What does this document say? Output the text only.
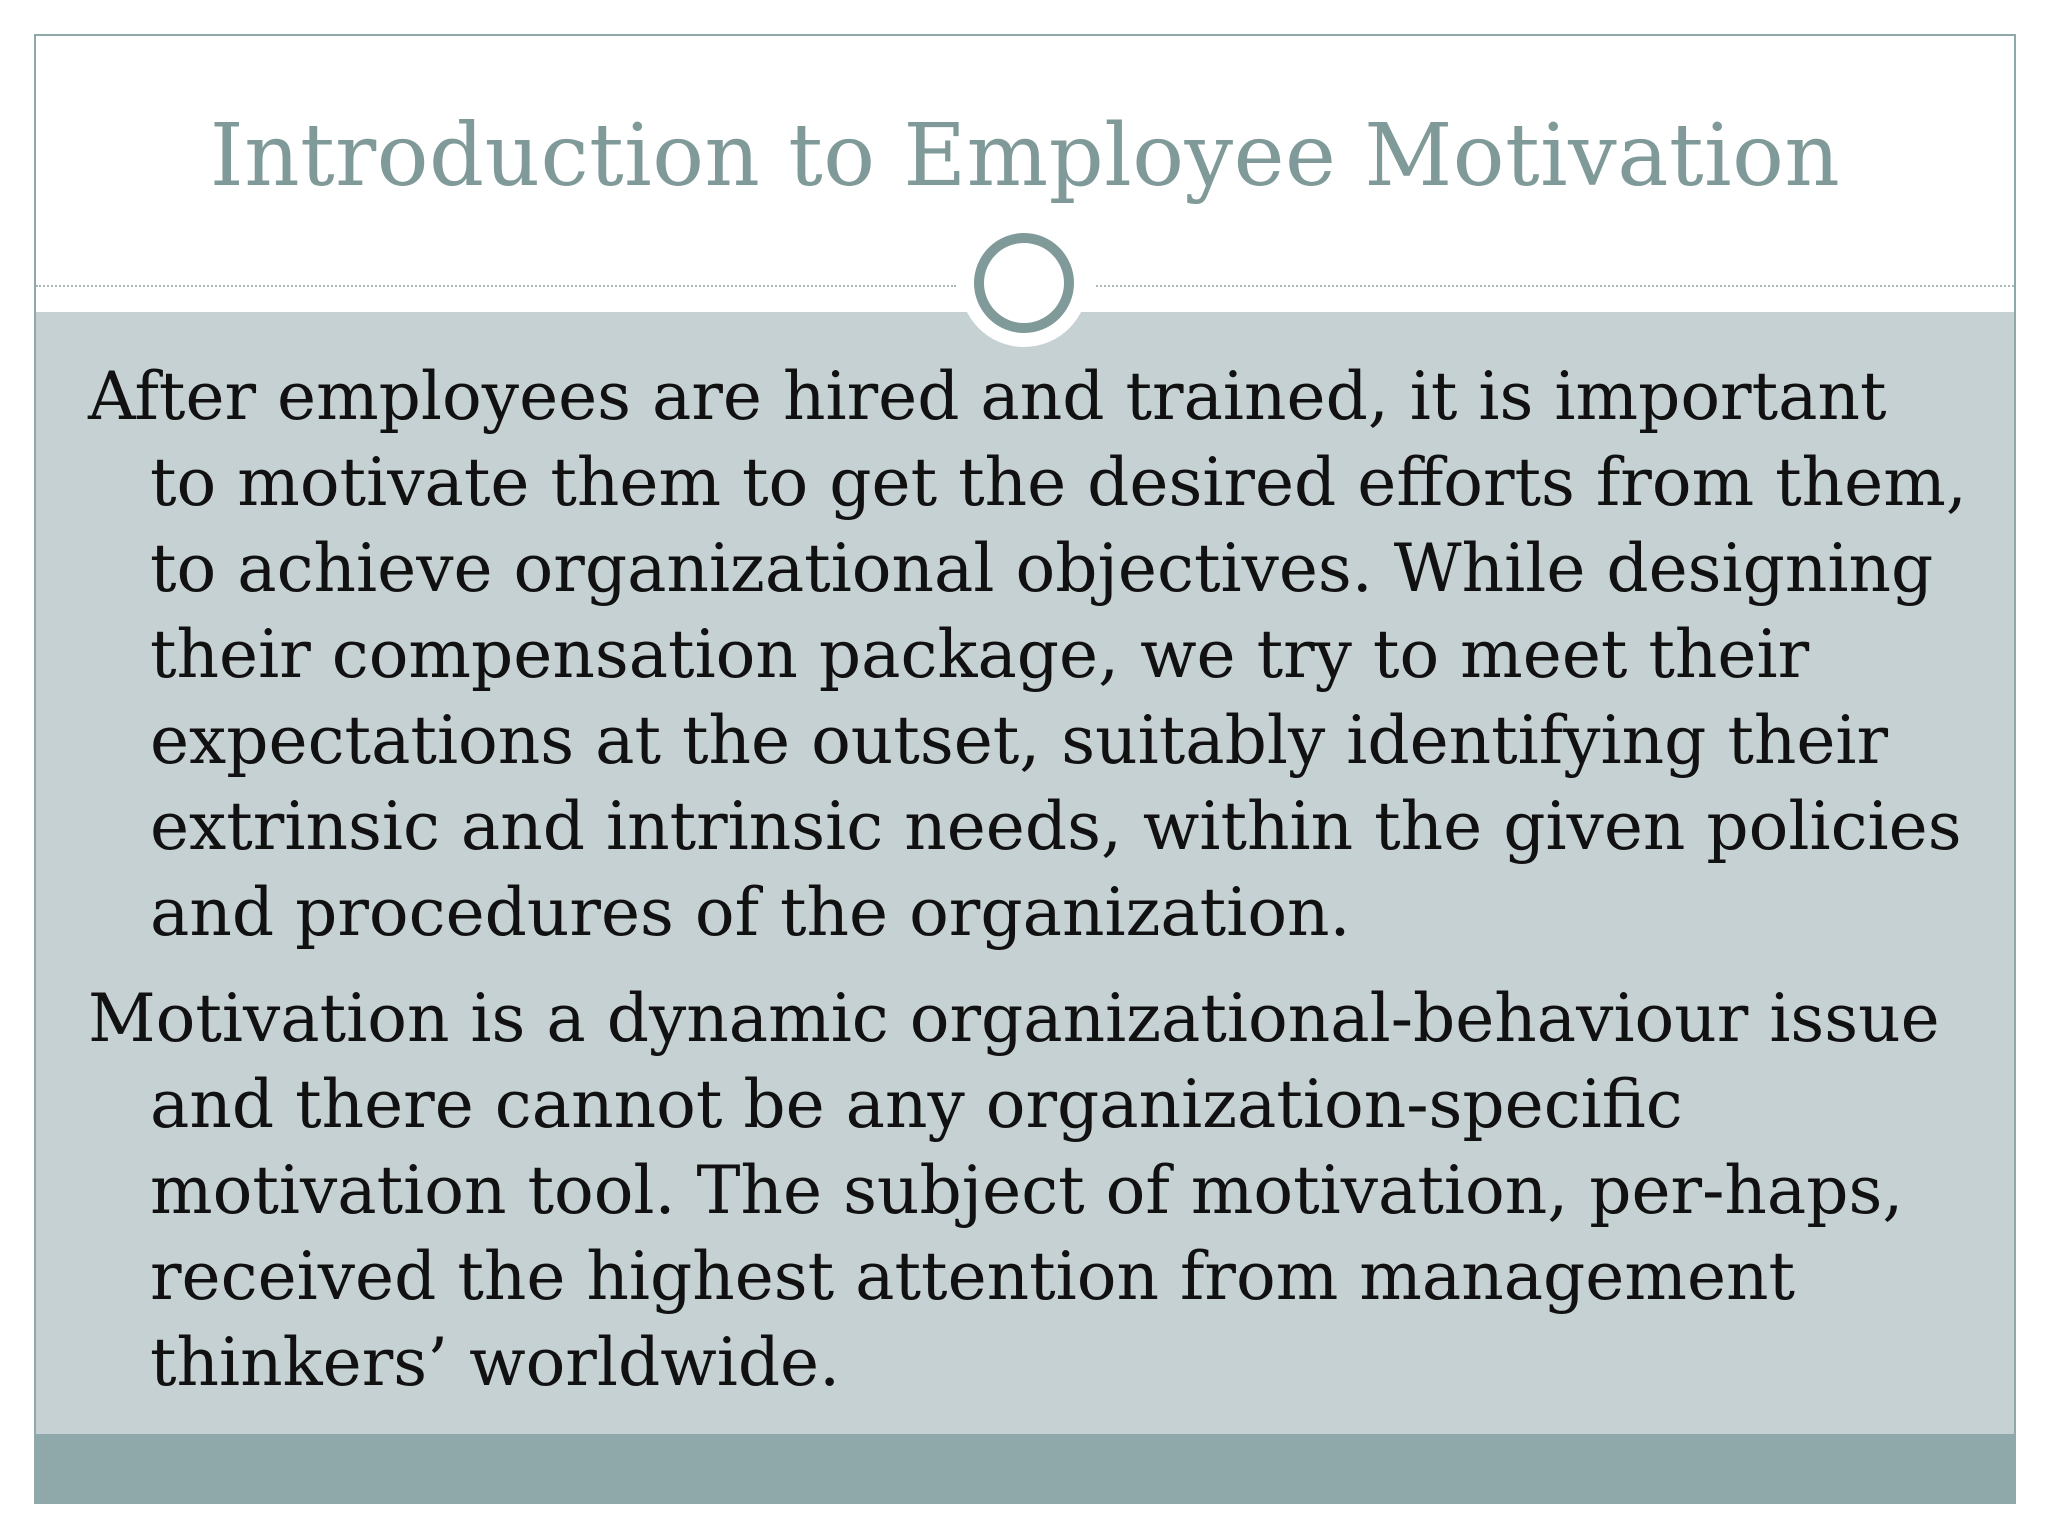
Introduction to Employee Motivation

After employees are hired and trained, it is important to motivate them to get the desired efforts from them, to achieve organizational objectives. While designing their compensation package, we try to meet their expectations at the outset, suitably identifying their extrinsic and intrinsic needs, within the given policies and procedures of the organization.

Motivation is a dynamic organizational-behaviour issue and there cannot be any organization-specific motivation tool. The subject of motivation, per-haps, received the highest attention from management thinkers’ worldwide.
